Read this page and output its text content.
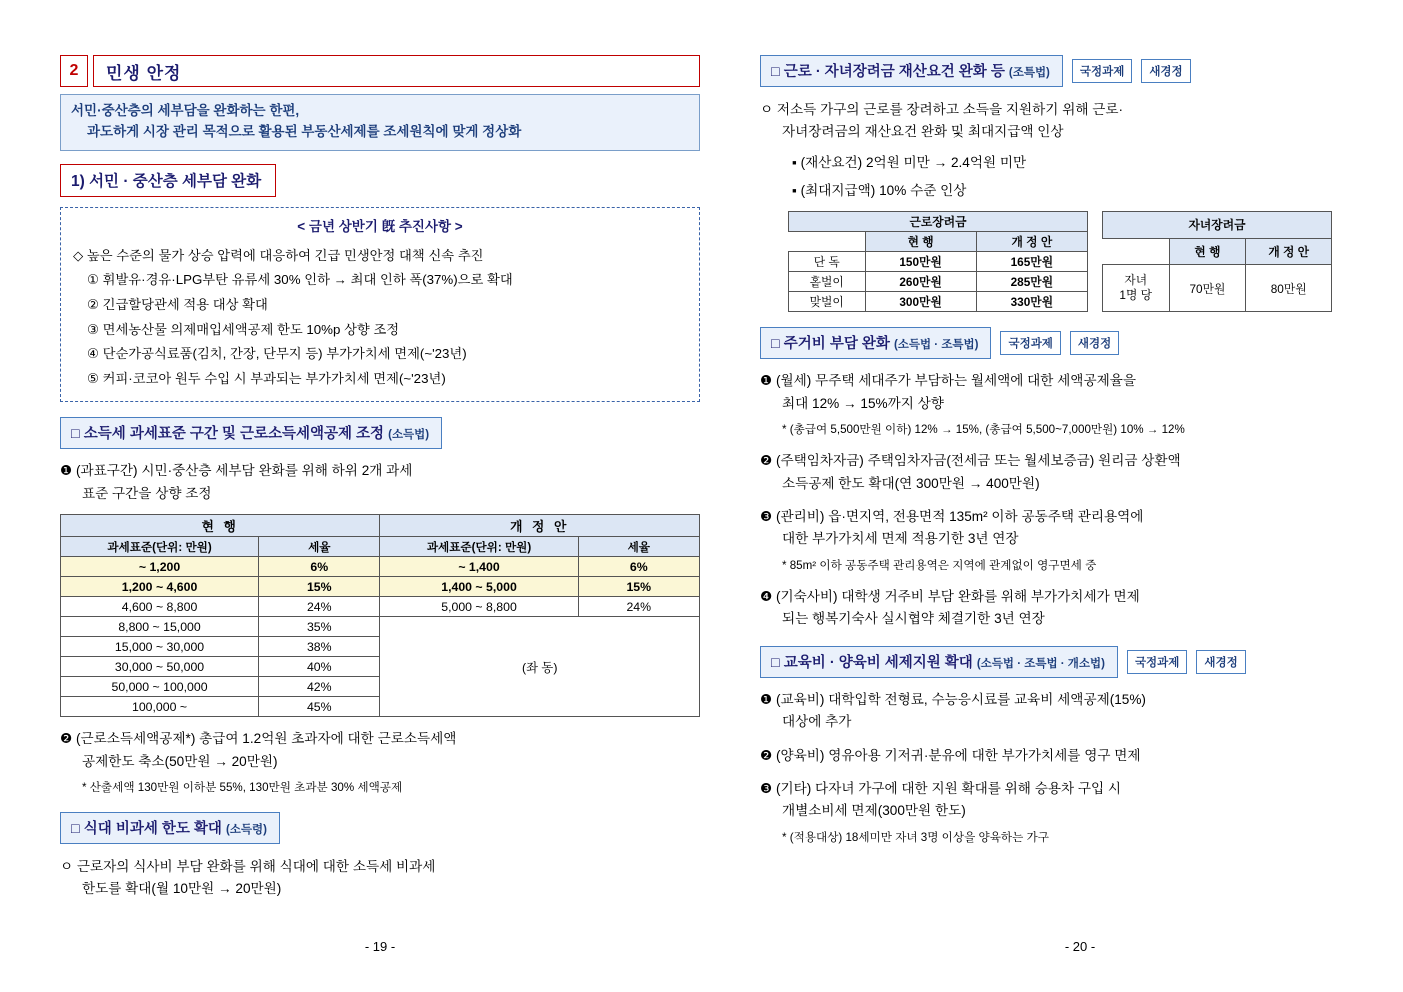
2	민생 안정
서민·중산층의 세부담을 완화하는 한편,
과도하게 시장 관리 목적으로 활용된 부동산세제를 조세원칙에 맞게 정상화
1) 서민 · 중산층 세부담 완화
< 금년 상반기 旣 추진사항 >
◇ 높은 수준의 물가 상승 압력에 대응하여 긴급 민생안정 대책 신속 추진
① 휘발유·경유·LPG부탄 유류세 30% 인하 → 최대 인하 폭(37%)으로 확대
② 긴급할당관세 적용 대상 확대
③ 면세농산물 의제매입세액공제 한도 10%p 상향 조정
④ 단순가공식료품(김치, 간장, 단무지 등) 부가가치세 면제(~'23년)
⑤ 커피·코코아 원두 수입 시 부과되는 부가가치세 면제(~'23년)
□ 소득세 과세표준 구간 및 근로소득세액공제 조정 (소득법)
❶ (과표구간) 시민·중산층 세부담 완화를 위해 하위 2개 과세
표준 구간을 상향 조정
현 행		개 정 안	
과세표준(단위: 만원)	세율	과세표준(단위: 만원)	세율
~ 1,200	6%	~ 1,400	6%
1,200 ~ 4,600	15%	1,400 ~ 5,000	15%
4,600 ~ 8,800	24%	5,000 ~ 8,800	24%
8,800 ~ 15,000	35%	(좌 동)	
15,000 ~ 30,000	38%		
30,000 ~ 50,000	40%		
50,000 ~ 100,000	42%		
100,000 ~	45%		
❷ (근로소득세액공제*) 총급여 1.2억원 초과자에 대한 근로소득세액
공제한도 축소(50만원 → 20만원)
* 산출세액 130만원 이하분 55%, 130만원 초과분 30% 세액공제
□ 식대 비과세 한도 확대 (소득령)
ㅇ 근로자의 식사비 부담 완화를 위해 식대에 대한 소득세 비과세
한도를 확대(월 10만원 → 20만원)
- 19 -
□ 근로 · 자녀장려금 재산요건 완화 등 (조특법)	국정과제	새경정
ㅇ 저소득 가구의 근로를 장려하고 소득을 지원하기 위해 근로·
자녀장려금의 재산요건 완화 및 최대지급액 인상
▪ (재산요건) 2억원 미만 → 2.4억원 미만
▪ (최대지급액) 10% 수준 인상
근로장려금		
	현 행	개 정 안
단 독	150만원	165만원
홑벌이	260만원	285만원
맞벌이	300만원	330만원
자녀장려금		
	현 행	개 정 안
자녀
1명 당	70만원	80만원
□ 주거비 부담 완화 (소득법 · 조특법)	국정과제	새경정
❶ (월세) 무주택 세대주가 부담하는 월세액에 대한 세액공제율을
최대 12% → 15%까지 상향
* (총급여 5,500만원 이하) 12% → 15%, (총급여 5,500~7,000만원) 10% → 12%
❷ (주택임차자금) 주택임차자금(전세금 또는 월세보증금) 원리금 상환액
소득공제 한도 확대(연 300만원 → 400만원)
❸ (관리비) 읍·면지역, 전용면적 135m² 이하 공동주택 관리용역에
대한 부가가치세 면제 적용기한 3년 연장
* 85m² 이하 공동주택 관리용역은 지역에 관계없이 영구면세 중
❹ (기숙사비) 대학생 거주비 부담 완화를 위해 부가가치세가 면제
되는 행복기숙사 실시협약 체결기한 3년 연장
□ 교육비 · 양육비 세제지원 확대 (소득법 · 조특법 · 개소법)	국정과제	새경정
❶ (교육비) 대학입학 전형료, 수능응시료를 교육비 세액공제(15%)
대상에 추가
❷ (양육비) 영유아용 기저귀·분유에 대한 부가가치세를 영구 면제
❸ (기타) 다자녀 가구에 대한 지원 확대를 위해 승용차 구입 시
개별소비세 면제(300만원 한도)
* (적용대상) 18세미만 자녀 3명 이상을 양육하는 가구
- 20 -
